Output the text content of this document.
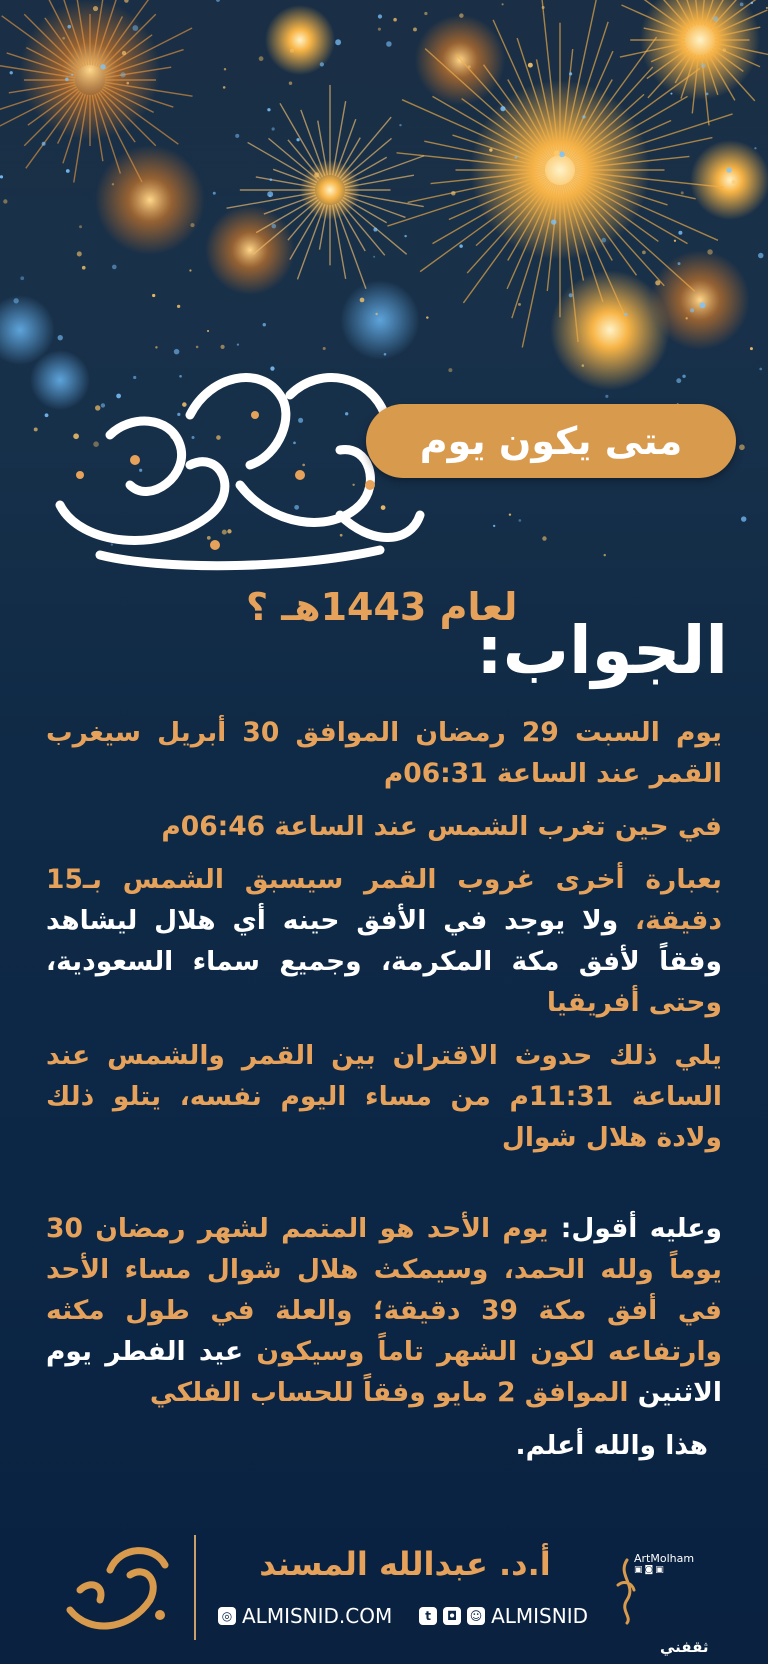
متى يكون يوم
لعام 1443هـ ؟
الجواب:

يوم السبت 29 رمضان الموافق 30 أبريل سيغرب القمر عند الساعة 06:31م

في حين تغرب الشمس عند الساعة 06:46م

بعبارة أخرى غروب القمر سيسبق الشمس بـ15 دقيقة، ولا يوجد في الأفق حينه أي هلال ليشاهد وفقاً لأفق مكة المكرمة، وجميع سماء السعودية، وحتى أفريقيا

يلي ذلك حدوث الاقتران بين القمر والشمس عند الساعة 11:31م من مساء اليوم نفسه، يتلو ذلك ولادة هلال شوال

وعليه أقول: يوم الأحد هو المتمم لشهر رمضان 30 يوماً ولله الحمد، وسيمكث هلال شوال مساء الأحد في أفق مكة 39 دقيقة؛ والعلة في طول مكثه وارتفاعه لكون الشهر تاماً وسيكون عيد الفطر يوم الاثنين الموافق 2 مايو وفقاً للحساب الفلكي

هذا والله أعلم.

أ.د. عبدالله المسند
◎ ALMISNID.COM	t	◘	☺ ALMISNID
ArtMolham
▣◙▣
ثقفني
